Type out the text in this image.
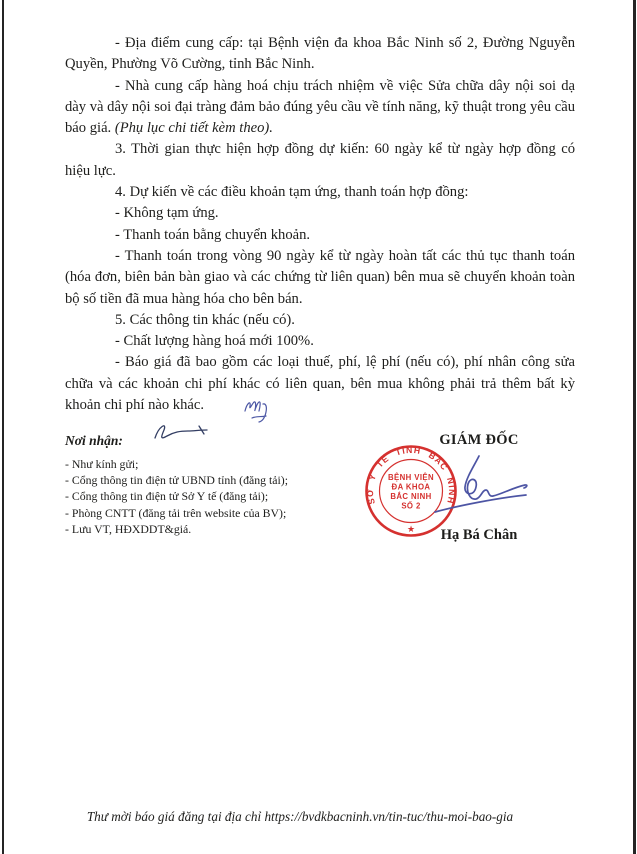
- Địa điểm cung cấp: tại Bệnh viện đa khoa Bắc Ninh số 2, Đường Nguyễn Quyền, Phường Võ Cường, tỉnh Bắc Ninh.

- Nhà cung cấp hàng hoá chịu trách nhiệm về việc Sửa chữa dây nội soi dạ dày và dây nội soi đại tràng đảm bảo đúng yêu cầu về tính năng, kỹ thuật trong yêu cầu báo giá. (Phụ lục chi tiết kèm theo).

3. Thời gian thực hiện hợp đồng dự kiến: 60 ngày kể từ ngày hợp đồng có hiệu lực.

4. Dự kiến về các điều khoản tạm ứng, thanh toán hợp đồng:

- Không tạm ứng.

- Thanh toán bằng chuyển khoản.

- Thanh toán trong vòng 90 ngày kể từ ngày hoàn tất các thủ tục thanh toán (hóa đơn, biên bản bàn giao và các chứng từ liên quan) bên mua sẽ chuyển khoản toàn bộ số tiền đã mua hàng hóa cho bên bán.

5. Các thông tin khác (nếu có).

- Chất lượng hàng hoá mới 100%.

- Báo giá đã bao gồm các loại thuế, phí, lệ phí (nếu có), phí nhân công sửa chữa và các khoản chi phí khác có liên quan, bên mua không phải trả thêm bất kỳ khoản chi phí nào khác.

Nơi nhận:
- Như kính gửi;
- Cổng thông tin điện tử UBND tỉnh (đăng tải);
- Cổng thông tin điện tử Sở Y tế (đăng tải);
- Phòng CNTT (đăng tải trên website của BV);
- Lưu VT, HĐXDDT&giá.
GIÁM ĐỐC
Hạ Bá Chân
SỞ Y TẾ TỈNH BẮC NINH
BỆNH VIỆN
ĐA KHOA
BẮC NINH
SỐ 2
★
Thư mời báo giá đăng tại địa chỉ https://bvdkbacninh.vn/tin-tuc/thu-moi-bao-gia
